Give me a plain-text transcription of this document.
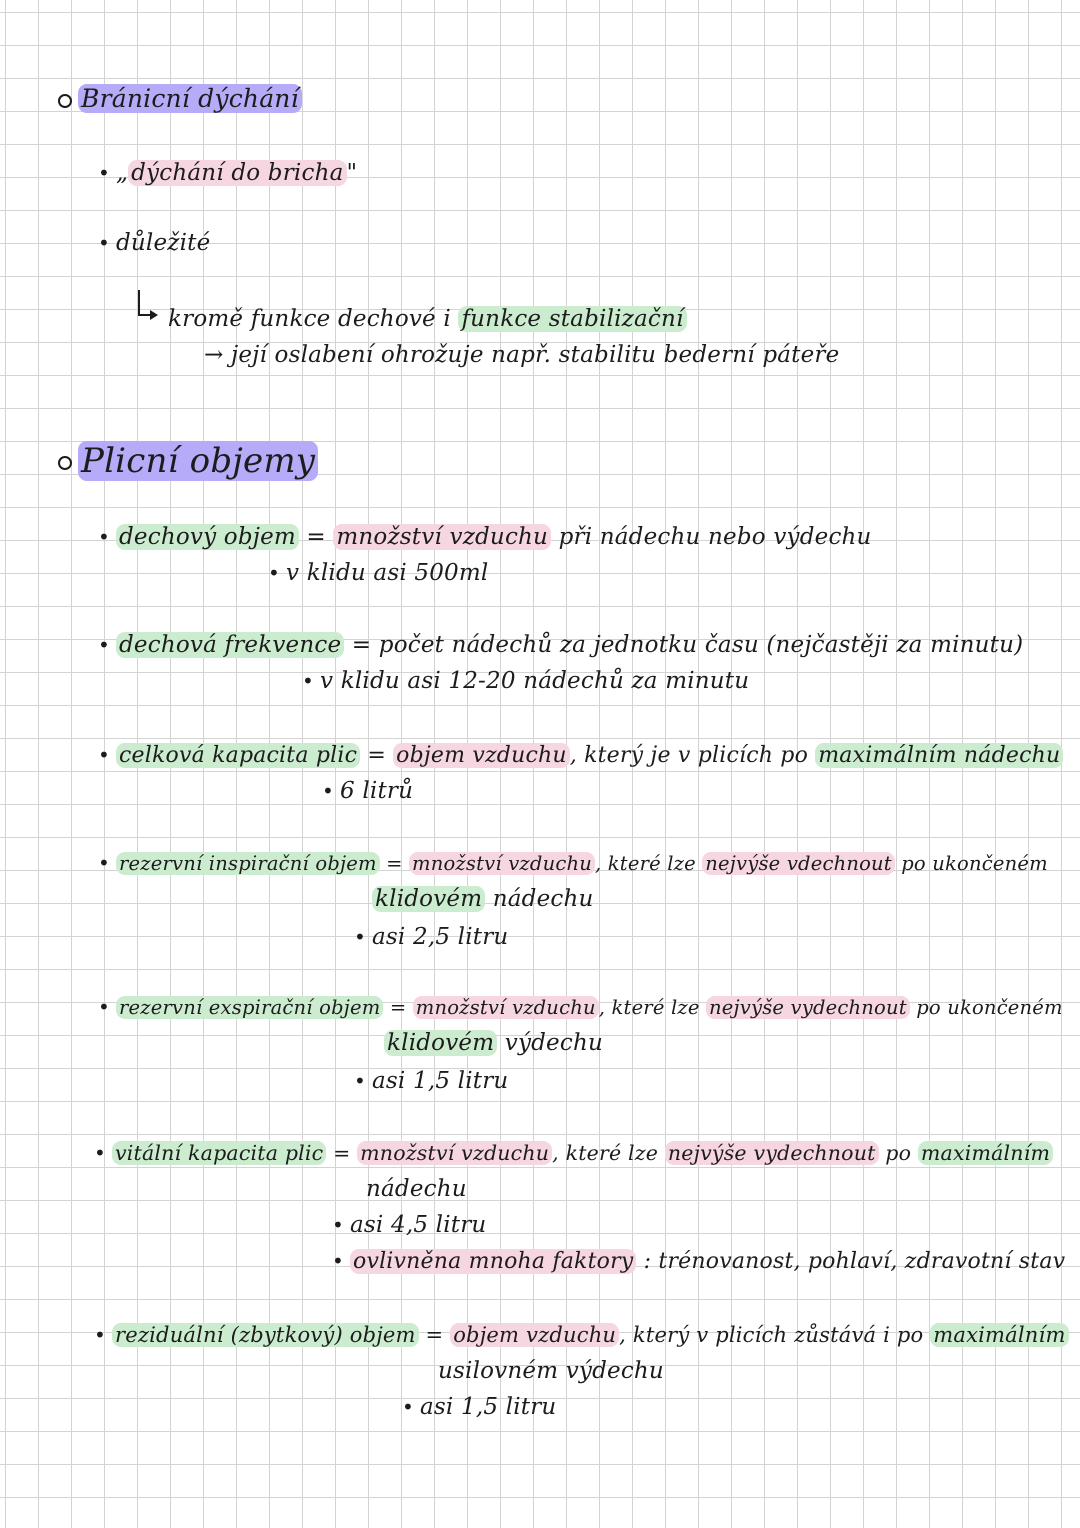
Bránicní dýchání
• „ dýchání do bricha "
• důležité
kromě funkce dechové i funkce stabilizační
→ její oslabení ohrožuje např. stabilitu bederní páteře
Plicní objemy
• dechový objem = množství vzduchu při nádechu nebo výdechu
• v klidu asi 500ml
• dechová frekvence = počet nádechů za jednotku času (nejčastěji za minutu)
• v klidu asi 12-20 nádechů za minutu
• celková kapacita plic = objem vzduchu , který je v plicích po maximálním nádechu
• 6 litrů
• rezervní inspirační objem = množství vzduchu , které lze nejvýše vdechnout po ukončeném
klidovém nádechu
• asi 2,5 litru
• rezervní exspirační objem = množství vzduchu , které lze nejvýše vydechnout po ukončeném
klidovém výdechu
• asi 1,5 litru
• vitální kapacita plic = množství vzduchu , které lze nejvýše vydechnout po maximálním
nádechu
• asi 4,5 litru
• ovlivněna mnoha faktory : trénovanost, pohlaví, zdravotní stav
• reziduální (zbytkový) objem = objem vzduchu , který v plicích zůstává i po maximálním
usilovném výdechu
• asi 1,5 litru
